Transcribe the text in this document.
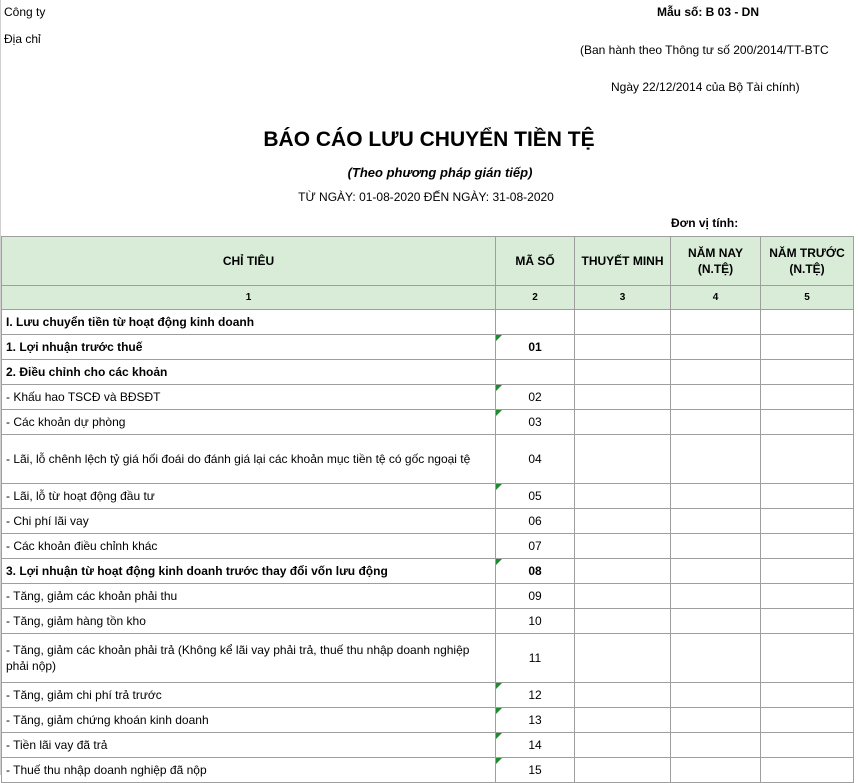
Công ty
Địa chỉ
Mẫu số: B 03 - DN
(Ban hành theo Thông tư số 200/2014/TT-BTC
Ngày 22/12/2014 của Bộ Tài chính)
BÁO CÁO LƯU CHUYỂN TIỀN TỆ
(Theo phương pháp gián tiếp)
TỪ NGÀY: 01-08-2020 ĐẾN NGÀY: 31-08-2020
Đơn vị tính:
CHỈ TIÊU	MÃ SỐ	THUYẾT MINH	NĂM NAY (N.TỆ)	NĂM TRƯỚC (N.TỆ)
1	2	3	4	5
I. Lưu chuyển tiền từ hoạt động kinh doanh				
1. Lợi nhuận trước thuế	01			
2. Điều chỉnh cho các khoản				
- Khấu hao TSCĐ và BĐSĐT	02			
- Các khoản dự phòng	03			
- Lãi, lỗ chênh lệch tỷ giá hối đoái do đánh giá lại các khoản mục tiền tệ có gốc ngoại tệ	04			
- Lãi, lỗ từ hoạt động đầu tư	05			
- Chi phí lãi vay	06			
- Các khoản điều chỉnh khác	07			
3. Lợi nhuận từ hoạt động kinh doanh trước thay đổi vốn lưu động	08			
- Tăng, giảm các khoản phải thu	09			
- Tăng, giảm hàng tồn kho	10			
- Tăng, giảm các khoản phải trả (Không kể lãi vay phải trả, thuế thu nhập doanh nghiệp phải nộp)	11			
- Tăng, giảm chi phí trả trước	12			
- Tăng, giảm chứng khoán kinh doanh	13			
- Tiền lãi vay đã trả	14			
- Thuế thu nhập doanh nghiệp đã nộp	15			
